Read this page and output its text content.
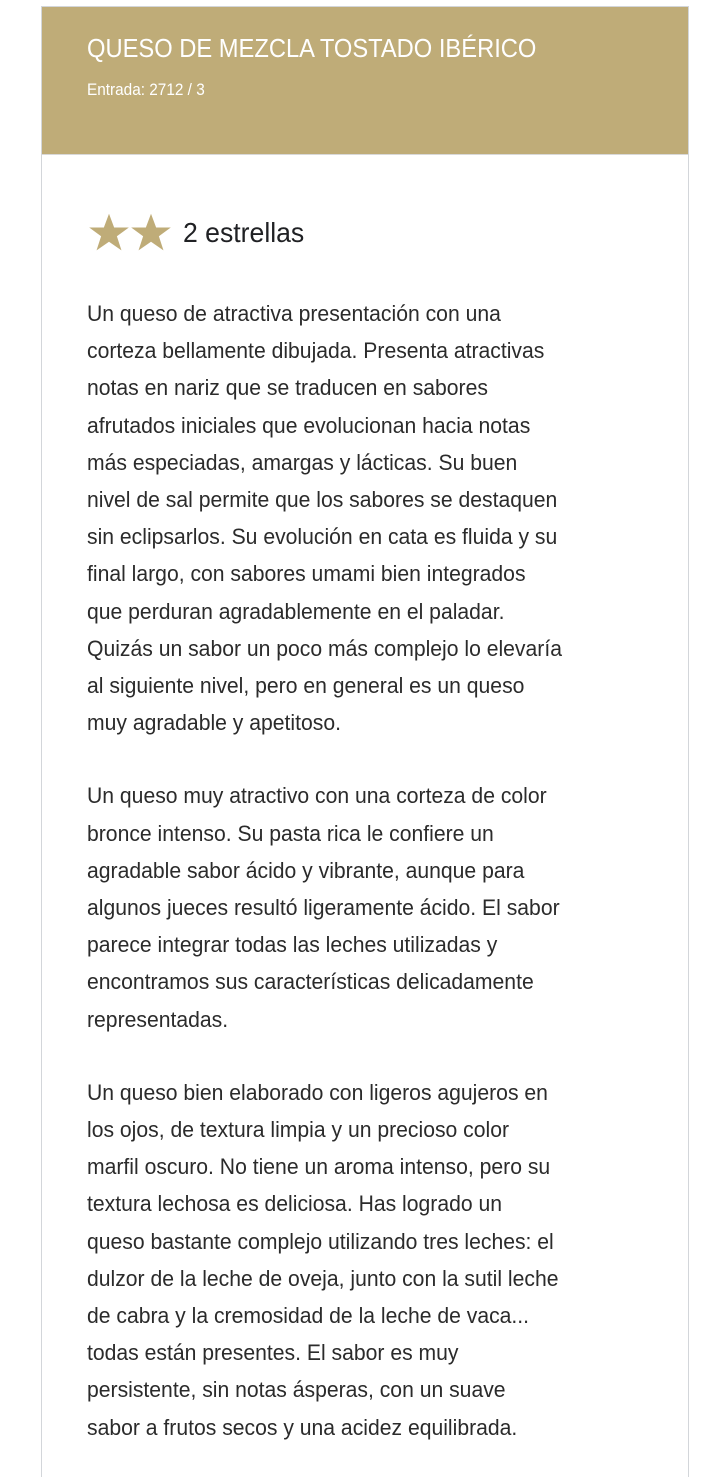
QUESO DE MEZCLA TOSTADO IBÉRICO
Entrada: 2712 / 3
2 estrellas
Un queso de atractiva presentación con una
corteza bellamente dibujada. Presenta atractivas
notas en nariz que se traducen en sabores
afrutados iniciales que evolucionan hacia notas
más especiadas, amargas y lácticas. Su buen
nivel de sal permite que los sabores se destaquen
sin eclipsarlos. Su evolución en cata es fluida y su
final largo, con sabores umami bien integrados
que perduran agradablemente en el paladar.
Quizás un sabor un poco más complejo lo elevaría
al siguiente nivel, pero en general es un queso
muy agradable y apetitoso.
Un queso muy atractivo con una corteza de color
bronce intenso. Su pasta rica le confiere un
agradable sabor ácido y vibrante, aunque para
algunos jueces resultó ligeramente ácido. El sabor
parece integrar todas las leches utilizadas y
encontramos sus características delicadamente
representadas.
Un queso bien elaborado con ligeros agujeros en
los ojos, de textura limpia y un precioso color
marfil oscuro. No tiene un aroma intenso, pero su
textura lechosa es deliciosa. Has logrado un
queso bastante complejo utilizando tres leches: el
dulzor de la leche de oveja, junto con la sutil leche
de cabra y la cremosidad de la leche de vaca...
todas están presentes. El sabor es muy
persistente, sin notas ásperas, con un suave
sabor a frutos secos y una acidez equilibrada.
